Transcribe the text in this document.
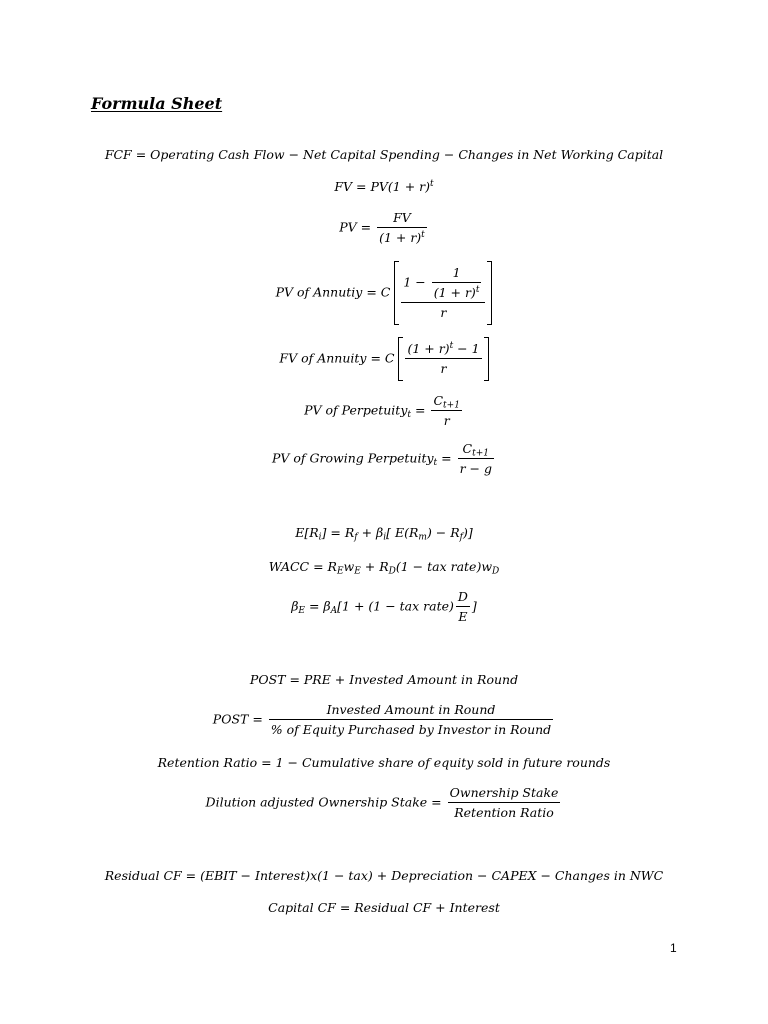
Formula Sheet
FCF = Operating Cash Flow − Net Capital Spending − Changes in Net Working Capital
FV = $PV(1 + r)^t$
PV = $\frac{FV}{(1 + r)^t}$
PV of Annutiy = C $\frac{1 - \frac{1}{(1 + r)^t}}{r}$
FV of Annuity = C $\frac{(1 + r)^t - 1}{r}$
PV of Perpetuity$_t$ = $\frac{C_{t+1}}{r}$
PV of Growing Perpetuity$_t$ = $\frac{C_{t+1}}{r - g}$
$E[R_i] = R_f + \beta_i$[ $E(R_m) - R_f$)]
WACC = $R_Ew_E + R_D(1$ − tax $rate)w_D$
$\beta_E = \beta_A[1 + (1$ − tax rate) $\frac{D}{E}$ ]
POST = PRE + Invested Amount in Round
POST = $\frac{\text{Invested Amount in Round}}{\text{\% of Equity Purchased by Investor in Round}}$
Retention Ratio = 1 − Cumulative share of equity sold in future rounds
Dilution adjusted Ownership Stake = $\frac{\text{Ownership Stake}}{\text{Retention Ratio}}$
Residual CF = (EBIT − Interest)x(1 − tax) + Depreciation − CAPEX − Changes in NWC
Capital CF = Residual CF + Interest
1
